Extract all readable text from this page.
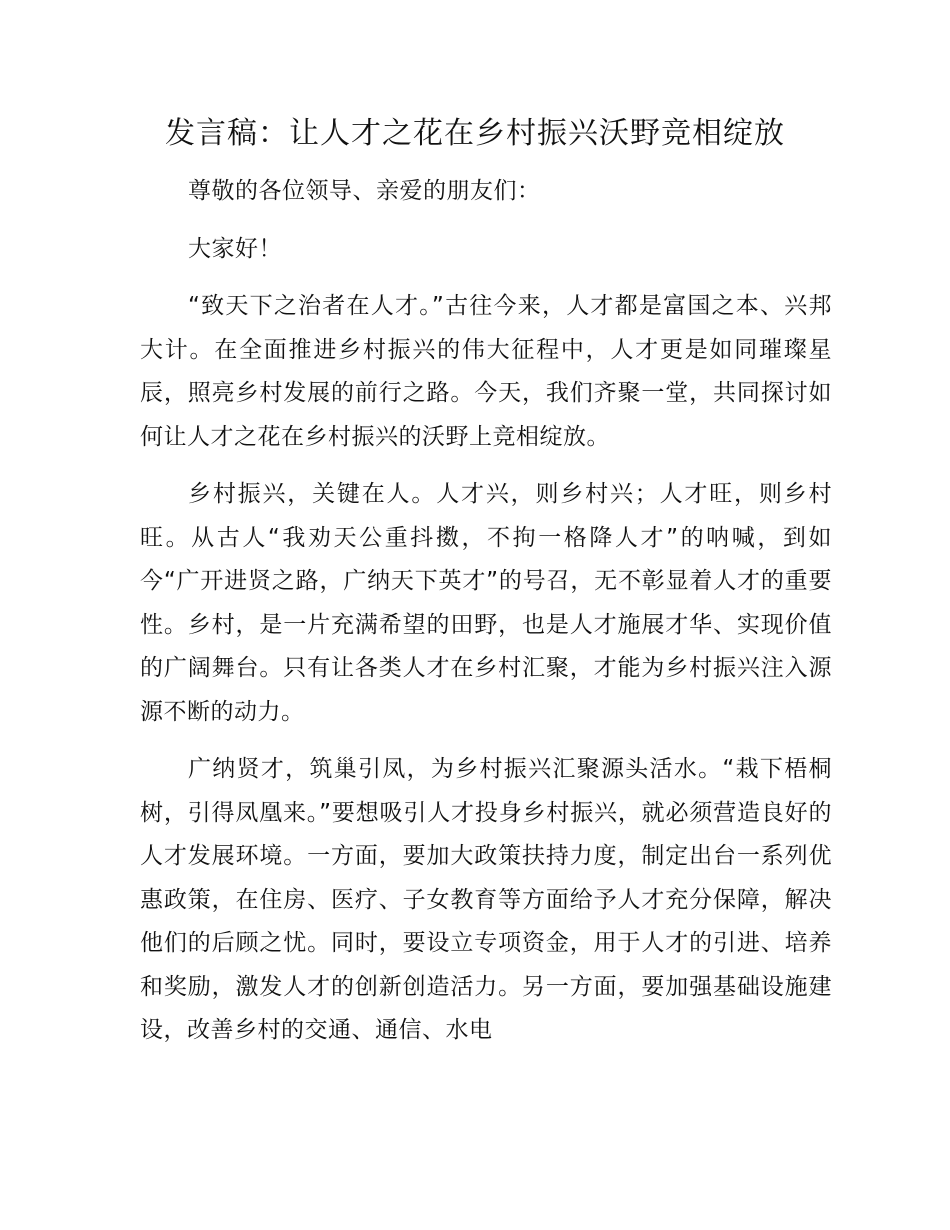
发言稿：让人才之花在乡村振兴沃野竞相绽放

尊敬的各位领导、亲爱的朋友们：

大家好！

“致天下之治者在人才。”古往今来，人才都是富国之本、兴邦大计。在全面推进乡村振兴的伟大征程中，人才更是如同璀璨星辰，照亮乡村发展的前行之路。今天，我们齐聚一堂，共同探讨如何让人才之花在乡村振兴的沃野上竞相绽放。

乡村振兴，关键在人。人才兴，则乡村兴；人才旺，则乡村旺。从古人“我劝天公重抖擞，不拘一格降人才”的呐喊，到如今“广开进贤之路，广纳天下英才”的号召，无不彰显着人才的重要性。乡村，是一片充满希望的田野，也是人才施展才华、实现价值的广阔舞台。只有让各类人才在乡村汇聚，才能为乡村振兴注入源源不断的动力。

广纳贤才，筑巢引凤，为乡村振兴汇聚源头活水。“栽下梧桐树，引得凤凰来。”要想吸引人才投身乡村振兴，就必须营造良好的人才发展环境。一方面，要加大政策扶持力度，制定出台一系列优惠政策，在住房、医疗、子女教育等方面给予人才充分保障，解决他们的后顾之忧。同时，要设立专项资金，用于人才的引进、培养和奖励，激发人才的创新创造活力。另一方面，要加强基础设施建设，改善乡村的交通、通信、水电
